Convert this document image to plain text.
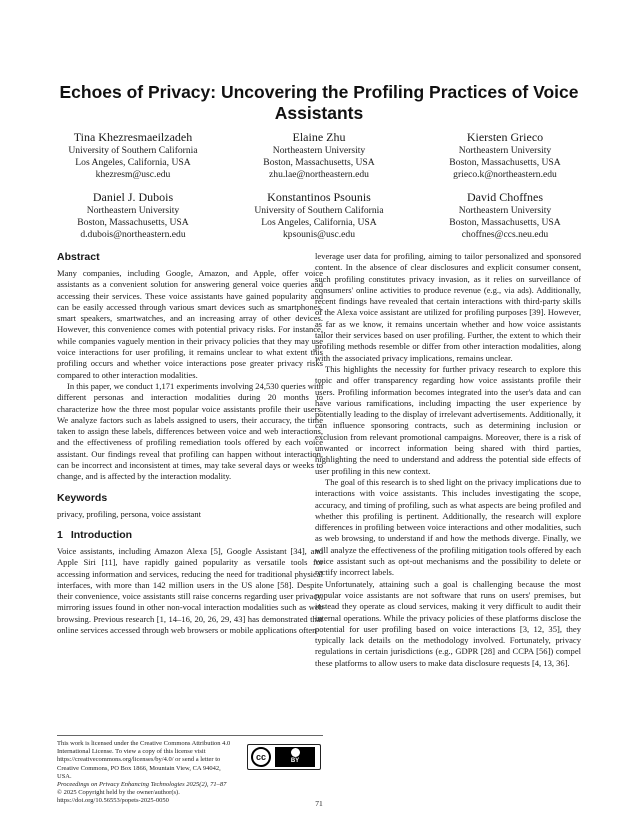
Echoes of Privacy: Uncovering the Profiling Practices of Voice Assistants
Tina Khezresmaeilzadeh
University of Southern California
Los Angeles, California, USA
khezresm@usc.edu
Elaine Zhu
Northeastern University
Boston, Massachusetts, USA
zhu.lae@northeastern.edu
Kiersten Grieco
Northeastern University
Boston, Massachusetts, USA
grieco.k@northeastern.edu
Daniel J. Dubois
Northeastern University
Boston, Massachusetts, USA
d.dubois@northeastern.edu
Konstantinos Psounis
University of Southern California
Los Angeles, California, USA
kpsounis@usc.edu
David Choffnes
Northeastern University
Boston, Massachusetts, USA
choffnes@ccs.neu.edu
Abstract

Many companies, including Google, Amazon, and Apple, offer voice assistants as a convenient solution for answering general voice queries and accessing their services. These voice assistants have gained popularity and can be easily accessed through various smart devices such as smartphones, smart speakers, smartwatches, and an increasing array of other devices. However, this convenience comes with potential privacy risks. For instance, while companies vaguely mention in their privacy policies that they may use voice interactions for user profiling, it remains unclear to what extent this profiling occurs and whether voice interactions pose greater privacy risks compared to other interaction modalities.

In this paper, we conduct 1,171 experiments involving 24,530 queries with different personas and interaction modalities during 20 months to characterize how the three most popular voice assistants profile their users. We analyze factors such as labels assigned to users, their accuracy, the time taken to assign these labels, differences between voice and web interactions, and the effectiveness of profiling remediation tools offered by each voice assistant. Our findings reveal that profiling can happen without interaction, can be incorrect and inconsistent at times, may take several days or weeks to change, and is affected by the interaction modality.

Keywords

privacy, profiling, persona, voice assistant

1 Introduction

Voice assistants, including Amazon Alexa [5], Google Assistant [34], and Apple Siri [11], have rapidly gained popularity as versatile tools for accessing information and services, reducing the need for traditional physical interfaces, with more than 142 million users in the US alone [58]. Despite their convenience, voice assistants still raise concerns regarding user privacy, mirroring issues found in other non-vocal interaction modalities such as web browsing. Previous research [1, 14–16, 20, 26, 29, 43] has demonstrated that online services accessed through web browsers or mobile applications often

leverage user data for profiling, aiming to tailor personalized and sponsored content. In the absence of clear disclosures and explicit consumer consent, such profiling constitutes privacy invasion, as it relies on surveillance of consumers' online activities to produce revenue (e.g., via ads). Additionally, recent findings have revealed that certain interactions with third-party skills of the Alexa voice assistant are utilized for profiling purposes [39]. However, as far as we know, it remains uncertain whether and how voice assistants tailor their services based on user profiling. Further, the extent to which their profiling methods resemble or differ from other interaction modalities, along with the associated privacy implications, remains unclear.

This highlights the necessity for further privacy research to explore this topic and offer transparency regarding how voice assistants profile their users. Profiling information becomes integrated into the user's data and can have various ramifications, including impacting the user experience by potentially leading to the display of irrelevant advertisements. Additionally, it can influence sponsoring contracts, such as determining inclusion or exclusion from relevant promotional campaigns. Moreover, there is a risk of unwanted or incorrect information being shared with third parties, highlighting the need to understand and address the potential side effects of user profiling in this new context.

The goal of this research is to shed light on the privacy implications due to interactions with voice assistants. This includes investigating the scope, accuracy, and timing of profiling, such as what aspects are being profiled and whether this profiling is pertinent. Additionally, the research will explore differences in profiling between voice interactions and other modalities, such as web browsing, to understand if and how the methods diverge. Finally, we will analyze the effectiveness of the profiling mitigation tools offered by each voice assistant such as opt-out mechanisms and the possibility to delete or rectify incorrect labels.

Unfortunately, attaining such a goal is challenging because the most popular voice assistants are not software that runs on users' premises, but instead they operate as cloud services, making it very difficult to audit their internal operations. While the privacy policies of these platforms disclose the potential for user profiling based on voice interactions [3, 12, 35], they typically lack details on the methodology involved. Fortunately, privacy regulations in certain jurisdictions (e.g., GDPR [28] and CCPA [56]) compel these platforms to allow users to make data disclosure requests [4, 13, 36].

This work is licensed under the Creative Commons Attribution 4.0 International License. To view a copy of this license visit https://creativecommons.org/licenses/by/4.0/ or send a letter to Creative Commons, PO Box 1866, Mountain View, CA 94042, USA.
Proceedings on Privacy Enhancing Technologies 2025(2), 71–87
© 2025 Copyright held by the owner/author(s).
https://doi.org/10.56553/popets-2025-0050
cc	BY
71
